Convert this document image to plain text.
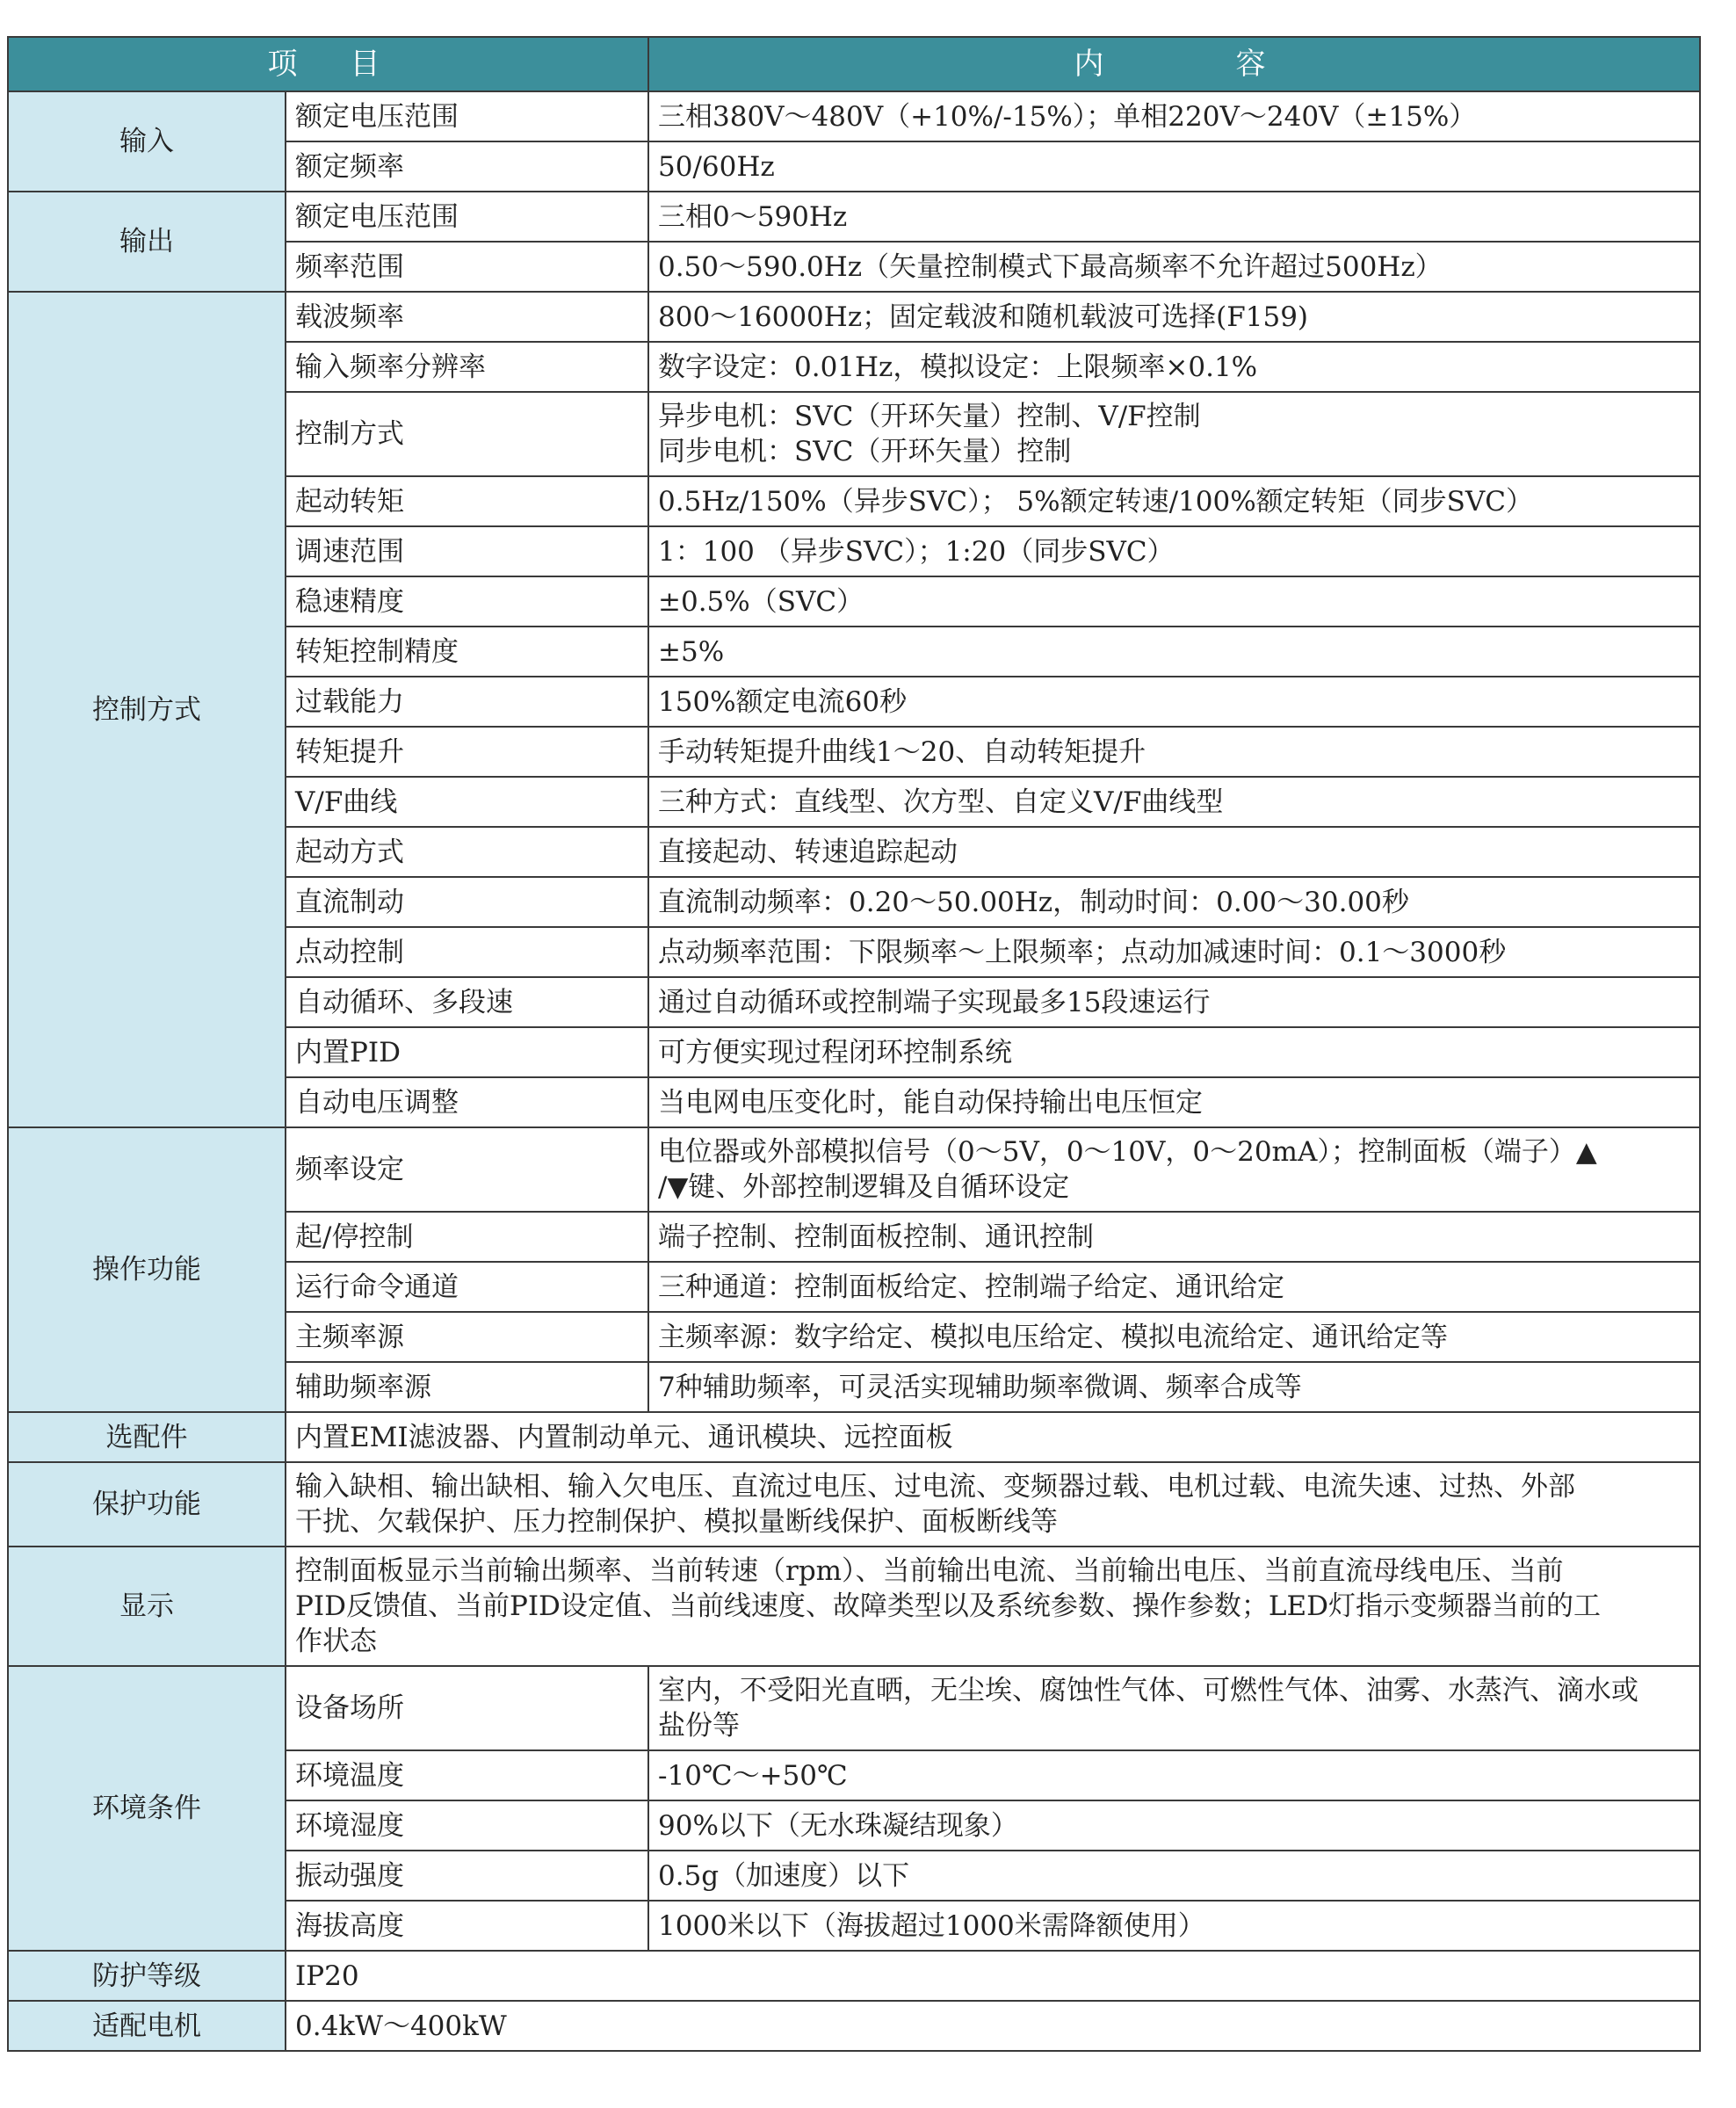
项目		内容
输入	额定电压范围	三相380V～480V（+10%/-15%）；单相220V～240V（±15%）
	额定频率	50/60Hz
输出	额定电压范围	三相0～590Hz
	频率范围	0.50～590.0Hz（矢量控制模式下最高频率不允许超过500Hz）
控制方式	载波频率	800～16000Hz；固定载波和随机载波可选择(F159)
	输入频率分辨率	数字设定：0.01Hz，模拟设定：上限频率×0.1%
	控制方式	异步电机：SVC（开环矢量）控制、V/F控制
同步电机：SVC（开环矢量）控制

	起动转矩	0.5Hz/150%（异步SVC）； 5%额定转速/100%额定转矩（同步SVC）
	调速范围	1：100 （异步SVC）；1:20（同步SVC）
	稳速精度	±0.5%（SVC）
	转矩控制精度	±5%
	过载能力	150%额定电流60秒
	转矩提升	手动转矩提升曲线1～20、自动转矩提升
	V/F曲线	三种方式：直线型、次方型、自定义V/F曲线型
	起动方式	直接起动、转速追踪起动
	直流制动	直流制动频率：0.20～50.00Hz，制动时间：0.00～30.00秒
	点动控制	点动频率范围：下限频率～上限频率；点动加减速时间：0.1～3000秒
	自动循环、多段速	通过自动循环或控制端子实现最多15段速运行
	内置PID	可方便实现过程闭环控制系统
	自动电压调整	当电网电压变化时，能自动保持输出电压恒定
操作功能	频率设定	电位器或外部模拟信号（0～5V，0～10V，0～20mA）；控制面板（端子）▲
/▼键、外部控制逻辑及自循环设定

	起/停控制	端子控制、控制面板控制、通讯控制
	运行命令通道	三种通道：控制面板给定、控制端子给定、通讯给定
	主频率源	主频率源：数字给定、模拟电压给定、模拟电流给定、通讯给定等
	辅助频率源	7种辅助频率，可灵活实现辅助频率微调、频率合成等
选配件	内置EMI滤波器、内置制动单元、通讯模块、远控面板	
保护功能	输入缺相、输出缺相、输入欠电压、直流过电压、过电流、变频器过载、电机过载、电流失速、过热、外部
干扰、欠载保护、压力控制保护、模拟量断线保护、面板断线等	

显示	控制面板显示当前输出频率、当前转速（rpm）、当前输出电流、当前输出电压、当前直流母线电压、当前
PID反馈值、当前PID设定值、当前线速度、故障类型以及系统参数、操作参数；LED灯指示变频器当前的工
作状态	

环境条件	设备场所	室内，不受阳光直晒，无尘埃、腐蚀性气体、可燃性气体、油雾、水蒸汽、滴水或
盐份等

	环境温度	-10℃～+50℃
	环境湿度	90%以下（无水珠凝结现象）
	振动强度	0.5g（加速度）以下
	海拔高度	1000米以下（海拔超过1000米需降额使用）
防护等级	IP20	
适配电机	0.4kW～400kW	
